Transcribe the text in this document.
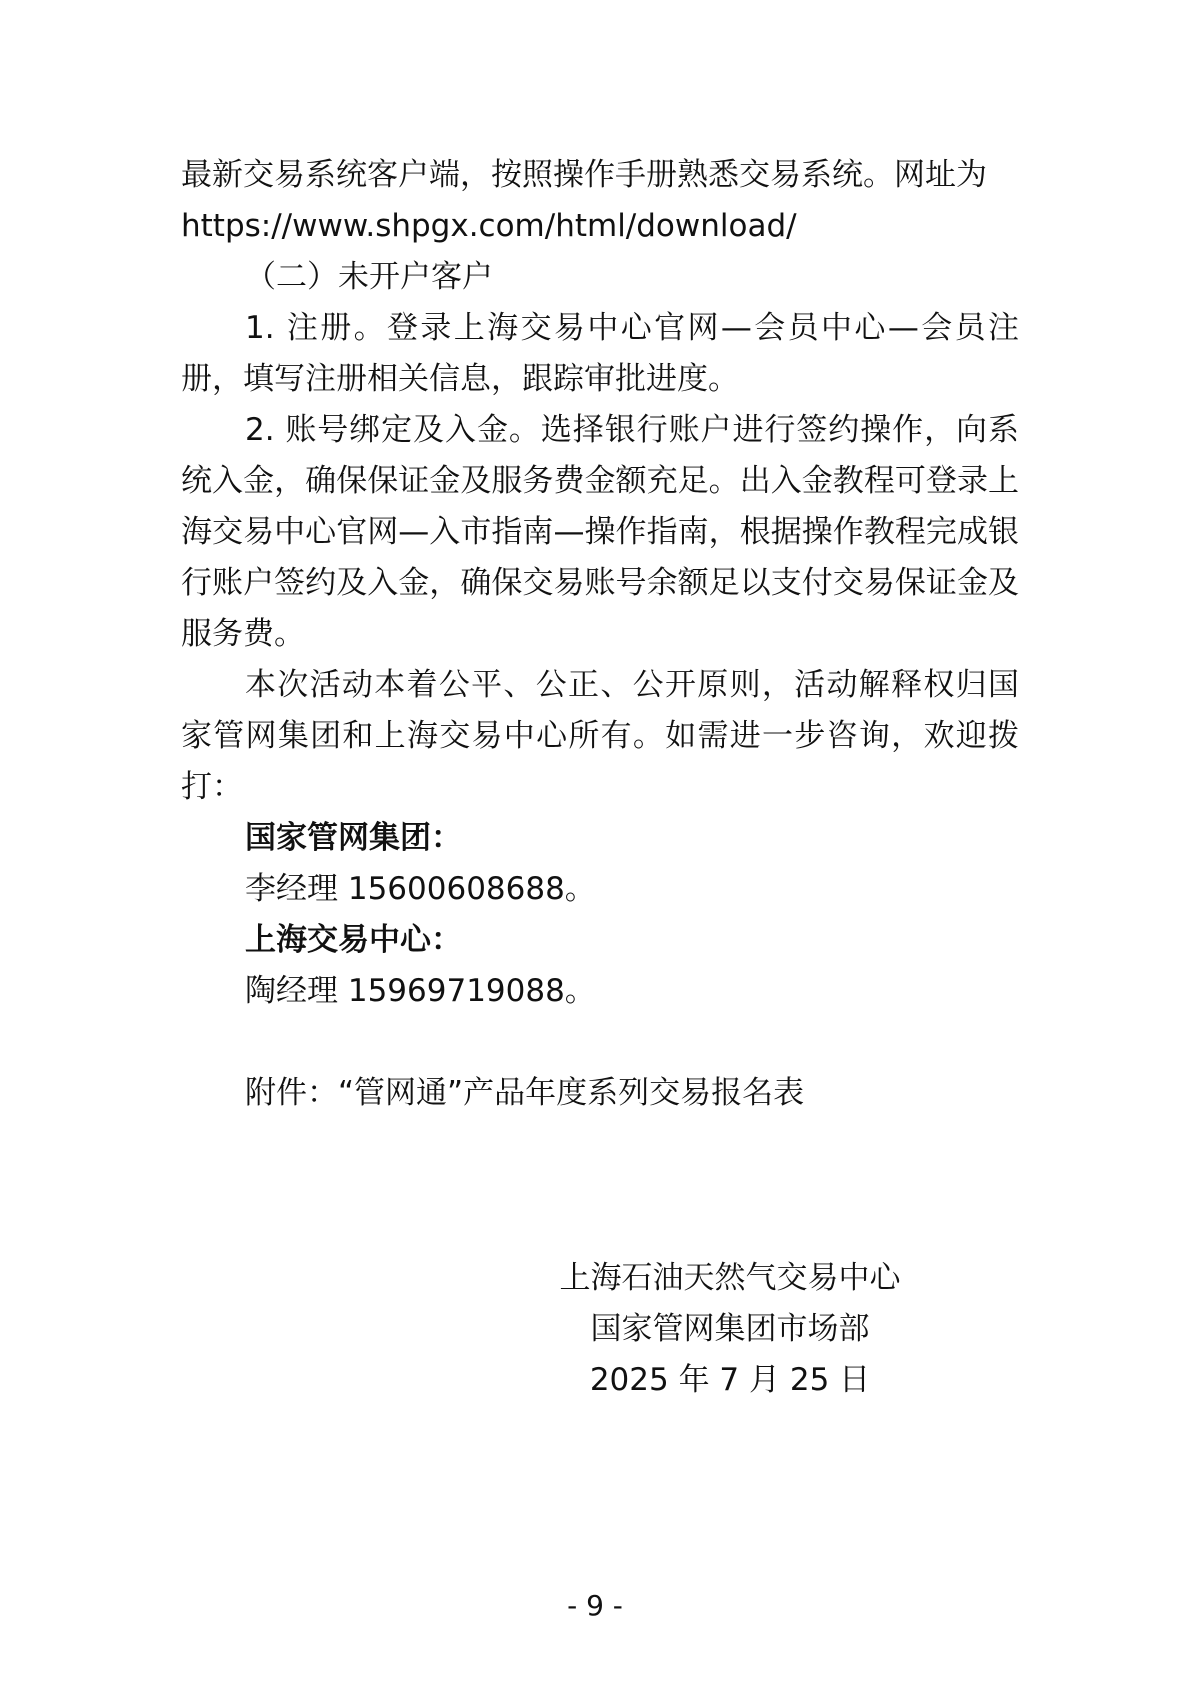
最新交易系统客户端，按照操作手册熟悉交易系统。网址为

https://www.shpgx.com/html/download/

（二）未开户客户

1. 注册。登录上海交易中心官网—会员中心—会员注册，填写注册相关信息，跟踪审批进度。

2. 账号绑定及入金。选择银行账户进行签约操作，向系统入金，确保保证金及服务费金额充足。出入金教程可登录上海交易中心官网—入市指南—操作指南，根据操作教程完成银行账户签约及入金，确保交易账号余额足以支付交易保证金及服务费。

本次活动本着公平、公正、公开原则，活动解释权归国家管网集团和上海交易中心所有。如需进一步咨询，欢迎拨打：

国家管网集团：

李经理 15600608688。

上海交易中心：

陶经理 15969719088。

附件：“管网通”产品年度系列交易报名表

上海石油天然气交易中心

国家管网集团市场部

2025 年 7 月 25 日

- 9 -
